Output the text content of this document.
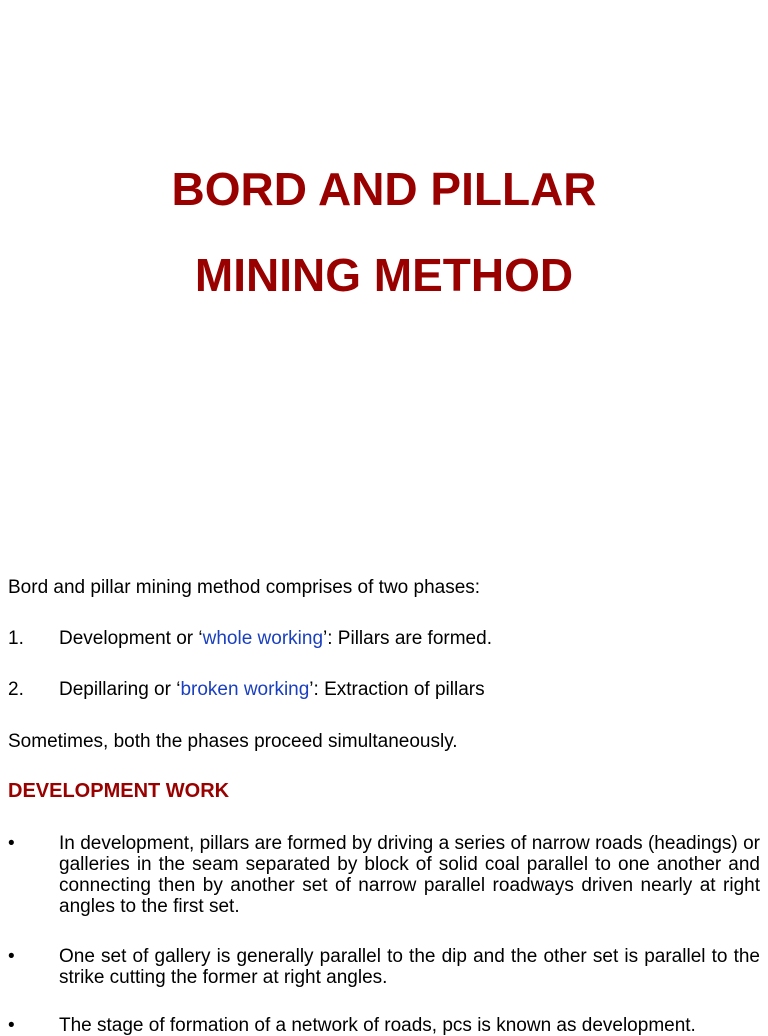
BORD AND PILLAR
MINING METHOD
Bord and pillar mining method comprises of two phases:
1. Development or ‘whole working’: Pillars are formed.
2. Depillaring or ‘broken working’: Extraction of pillars
Sometimes, both the phases proceed simultaneously.
DEVELOPMENT WORK
• In development, pillars are formed by driving a series of narrow roads (headings) or galleries in the seam separated by block of solid coal parallel to one another and connecting then by another set of narrow parallel roadways driven nearly at right angles to the first set.
• One set of gallery is generally parallel to the dip and the other set is parallel to the strike cutting the former at right angles.
• The stage of formation of a network of roads, pcs is known as development.
